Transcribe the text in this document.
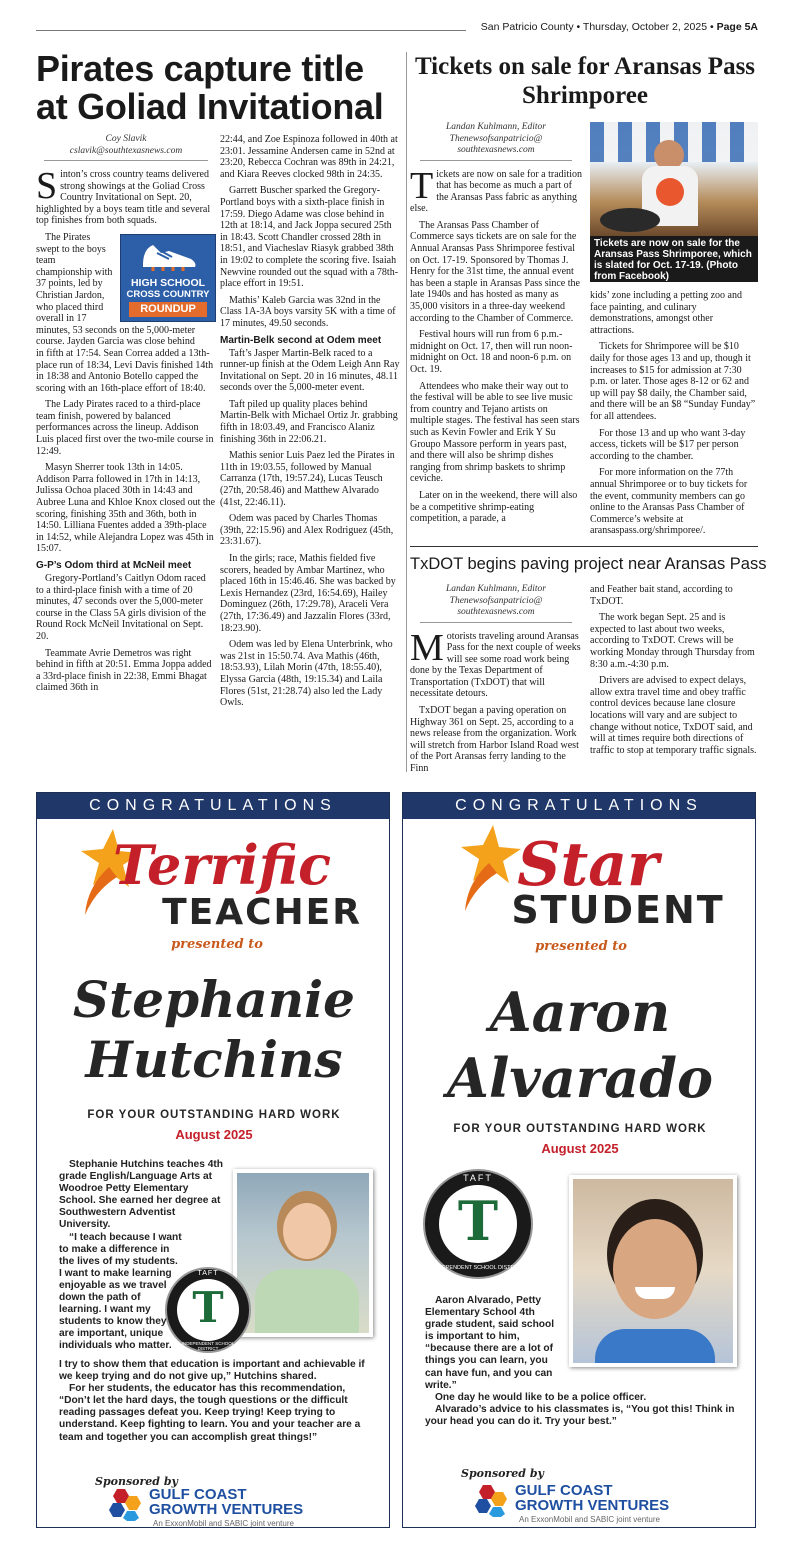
San Patricio County • Thursday, October 2, 2025 • Page 5A
Pirates capture title at Goliad Invitational
Coy Slavik
cslavik@southtexasnews.com

Sinton’s cross country teams delivered strong showings at the Goliad Cross Country Invitational on Sept. 20, highlighted by a boys team title and several top finishes from both squads.

HIGH SCHOOL
CROSS COUNTRY
ROUNDUP

The Pirates swept to the boys team championship with 37 points, led by Christian Jardon, who placed third overall in 17 minutes, 53 seconds on the 5,000-meter course. Jayden Garcia was close behind

in fifth at 17:54. Sean Correa added a 13th-place run of 18:34, Levi Davis finished 14th in 18:38 and Antonio Botello capped the scoring with an 16th-place effort of 18:40.

The Lady Pirates raced to a third-place team finish, powered by balanced performances across the lineup. Addison Luis placed first over the two-mile course in 12:49.

Masyn Sherrer took 13th in 14:05. Addison Parra followed in 17th in 14:13, Julissa Ochoa placed 30th in 14:43 and Aubree Luna and Khloe Knox closed out the scoring, finishing 35th and 36th, both in 14:50. Lilliana Fuentes added a 39th-place in 14:52, while Alejandra Lopez was 45th in 15:07.

G-P’s Odom third at McNeil meet

Gregory-Portland’s Caitlyn Odom raced to a third-place finish with a time of 20 minutes, 47 seconds over the 5,000-meter course in the Class 5A girls division of the Round Rock McNeil Invitational on Sept. 20.

Teammate Avrie Demetros was right behind in fifth at 20:51. Emma Joppa added a 33rd-place finish in 22:38, Emmi Bhagat claimed 36th in

22:44, and Zoe Espinoza followed in 40th at 23:01. Jessamine Andersen came in 52nd at 23:20, Rebecca Cochran was 89th in 24:21, and Kiara Reeves clocked 98th in 24:35.

Garrett Buscher sparked the Gregory-Portland boys with a sixth-place finish in 17:59. Diego Adame was close behind in 12th at 18:14, and Jack Joppa secured 25th in 18:43. Scott Chandler crossed 28th in 18:51, and Viacheslav Riasyk grabbed 38th in 19:02 to complete the scoring five. Isaiah Newvine rounded out the squad with a 78th-place effort in 19:51.

Mathis’ Kaleb Garcia was 32nd in the Class 1A-3A boys varsity 5K with a time of 17 minutes, 49.50 seconds.

Martin-Belk second at Odem meet

Taft’s Jasper Martin-Belk raced to a runner-up finish at the Odem Leigh Ann Ray Invitational on Sept. 20 in 16 minutes, 48.11 seconds over the 5,000-meter event.

Taft piled up quality places behind Martin-Belk with Michael Ortiz Jr. grabbing fifth in 18:03.49, and Francisco Alaniz finishing 36th in 22:06.21.

Mathis senior Luis Paez led the Pirates in 11th in 19:03.55, followed by Manual Carranza (17th, 19:57.24), Lucas Teusch (27th, 20:58.46) and Matthew Alvarado (41st, 22:46.11).

Odem was paced by Charles Thomas (39th, 22:15.96) and Alex Rodriguez (45th, 23:31.67).

In the girls; race, Mathis fielded five scorers, headed by Ambar Martinez, who placed 16th in 15:46.46. She was backed by Lexis Hernandez (23rd, 16:54.69), Hailey Dominguez (26th, 17:29.78), Araceli Vera (27th, 17:36.49) and Jazzalin Flores (33rd, 18:23.90).

Odem was led by Elena Unterbrink, who was 21st in 15:50.74. Ava Mathis (46th, 18:53.93), Lilah Morin (47th, 18:55.40), Elyssa Garcia (48th, 19:15.34) and Laila Flores (51st, 21:28.74) also led the Lady Owls.

Tickets on sale for Aransas Pass Shrimporee
Landan Kuhlmann, Editor
Thenewsofsanpatricio@
southtexasnews.com

Tickets are now on sale for a tradition that has become as much a part of the Aransas Pass fabric as anything else.

The Aransas Pass Chamber of Commerce says tickets are on sale for the Annual Aransas Pass Shrimporee festival on Oct. 17-19. Sponsored by Thomas J. Henry for the 31st time, the annual event has been a staple in Aransas Pass since the late 1940s and has hosted as many as 35,000 visitors in a three-day weekend according to the Chamber of Commerce.

Festival hours will run from 6 p.m.-midnight on Oct. 17, then will run noon-midnight on Oct. 18 and noon-6 p.m. on Oct. 19.

Attendees who make their way out to the festival will be able to see live music from country and Tejano artists on multiple stages. The festival has seen stars such as Kevin Fowler and Erik Y Su Groupo Massore perform in years past, and there will also be shrimp dishes ranging from shrimp baskets to shrimp ceviche.

Later on in the weekend, there will also be a competitive shrimp-eating competition, a parade, a

Tickets are now on sale for the Aransas Pass Shrimporee, which is slated for Oct. 17-19. (Photo from Facebook)

kids’ zone including a petting zoo and face painting, and culinary demonstrations, amongst other attractions.

Tickets for Shrimporee will be $10 daily for those ages 13 and up, though it increases to $15 for admission at 7:30 p.m. or later. Those ages 8-12 or 62 and up will pay $8 daily, the Chamber said, and there will be an $8 “Sunday Funday” for all attendees.

For those 13 and up who want 3-day access, tickets will be $17 per person according to the chamber.

For more information on the 77th annual Shrimporee or to buy tickets for the event, community members can go online to the Aransas Pass Chamber of Commerce’s website at aransaspass.org/shrimporee/.

TxDOT begins paving project near Aransas Pass
Landan Kuhlmann, Editor
Thenewsofsanpatricio@
southtexasnews.com

Motorists traveling around Aransas Pass for the next couple of weeks will see some road work being done by the Texas Department of Transportation (TxDOT) that will necessitate detours.

TxDOT began a paving operation on Highway 361 on Sept. 25, according to a news release from the organization. Work will stretch from Harbor Island Road west of the Port Aransas ferry landing to the Finn

and Feather bait stand, according to TxDOT.

The work began Sept. 25 and is expected to last about two weeks, according to TxDOT. Crews will be working Monday through Thursday from 8:30 a.m.-4:30 p.m.

Drivers are advised to expect delays, allow extra travel time and obey traffic control devices because lane closure locations will vary and are subject to change without notice, TxDOT said, and will at times require both directions of traffic to stop at temporary traffic signals.

CONGRATULATIONS
Terrific
TEACHER
presented to
Stephanie
Hutchins
FOR YOUR OUTSTANDING HARD WORK
August 2025
TAFT
T
INDEPENDENT SCHOOL DISTRICT
Stephanie Hutchins teaches 4th grade English/Language Arts at Woodroe Petty Elementary School. She earned her degree at Southwestern Adventist University.
“I teach because I want to make a difference in the lives of my students. I want to make learning enjoyable as we travel down the path of learning. I want my students to know they are important, unique individuals who matter.
I try to show them that education is important and achievable if we keep trying and do not give up,” Hutchins shared.
For her students, the educator has this recommendation, “Don’t let the hard days, the tough questions or the difficult reading passages defeat you. Keep trying! Keep trying to understand. Keep fighting to learn. You and your teacher are a team and together you can accomplish great things!”
Sponsored by
GULF COAST
GROWTH VENTURES
An ExxonMobil and SABIC joint venture
CONGRATULATIONS
Star
STUDENT
presented to
Aaron
Alvarado
FOR YOUR OUTSTANDING HARD WORK
August 2025
TAFT
T
INDEPENDENT SCHOOL DISTRICT
Aaron Alvarado, Petty Elementary School 4th grade student, said school is important to him, “because there are a lot of things you can learn, you can have fun, and you can write.”
One day he would like to be a police officer.
Alvarado’s advice to his classmates is, “You got this! Think in your head you can do it. Try your best.”
Sponsored by
GULF COAST
GROWTH VENTURES
An ExxonMobil and SABIC joint venture
